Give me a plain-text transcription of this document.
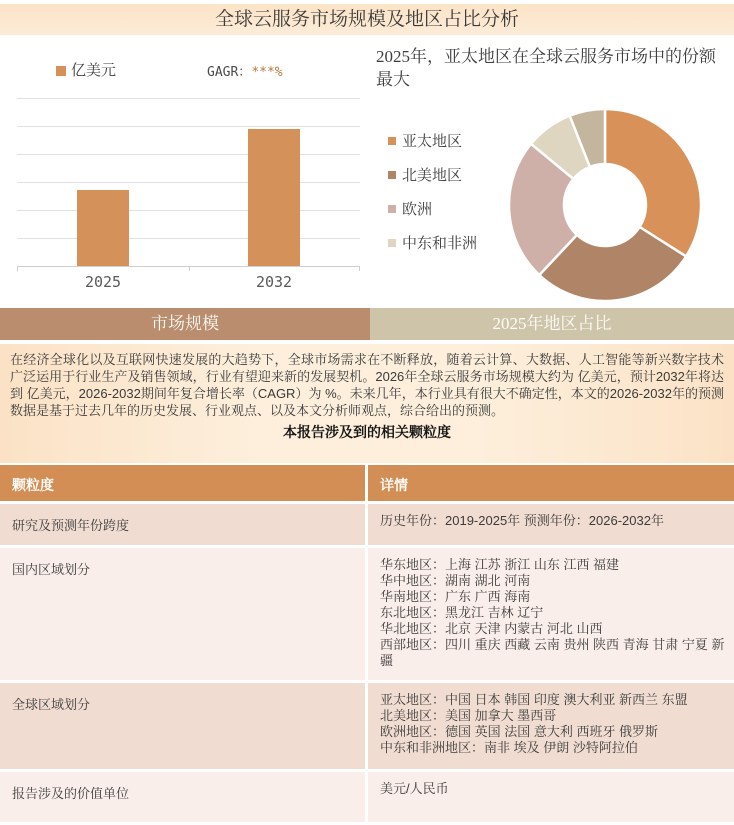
全球云服务市场规模及地区占比分析
亿美元	GAGR：***%
2025	2032
2025年，亚太地区在全球云服务市场中的份额最大
亚太地区
北美地区
欧洲
中东和非洲
市场规模	2025年地区占比
在经济全球化以及互联网快速发展的大趋势下，全球市场需求在不断释放，随着云计算、大数据、人工智能等新兴数字技术广泛运用于行业生产及销售领域，行业有望迎来新的发展契机。2026年全球云服务市场规模大约为 亿美元，预计2032年将达到 亿美元，2026-2032期间年复合增长率（CAGR）为 %。未来几年，本行业具有很大不确定性，本文的2026-2032年的预测数据是基于过去几年的历史发展、行业观点、以及本文分析师观点，综合给出的预测。
本报告涉及到的相关颗粒度
颗粒度	详情
研究及预测年份跨度	历史年份：2019-2025年 预测年份：2026-2032年
国内区域划分	华东地区：上海 江苏 浙江 山东 江西 福建
华中地区：湖南 湖北 河南
华南地区：广东 广西 海南
东北地区：黑龙江 吉林 辽宁
华北地区：北京 天津 内蒙古 河北 山西
西部地区：四川 重庆 西藏 云南 贵州 陕西 青海 甘肃 宁夏 新疆
全球区域划分	亚太地区：中国 日本 韩国 印度 澳大利亚 新西兰 东盟
北美地区：美国 加拿大 墨西哥
欧洲地区：德国 英国 法国 意大利 西班牙 俄罗斯
中东和非洲地区：南非 埃及 伊朗 沙特阿拉伯
报告涉及的价值单位	美元/人民币
